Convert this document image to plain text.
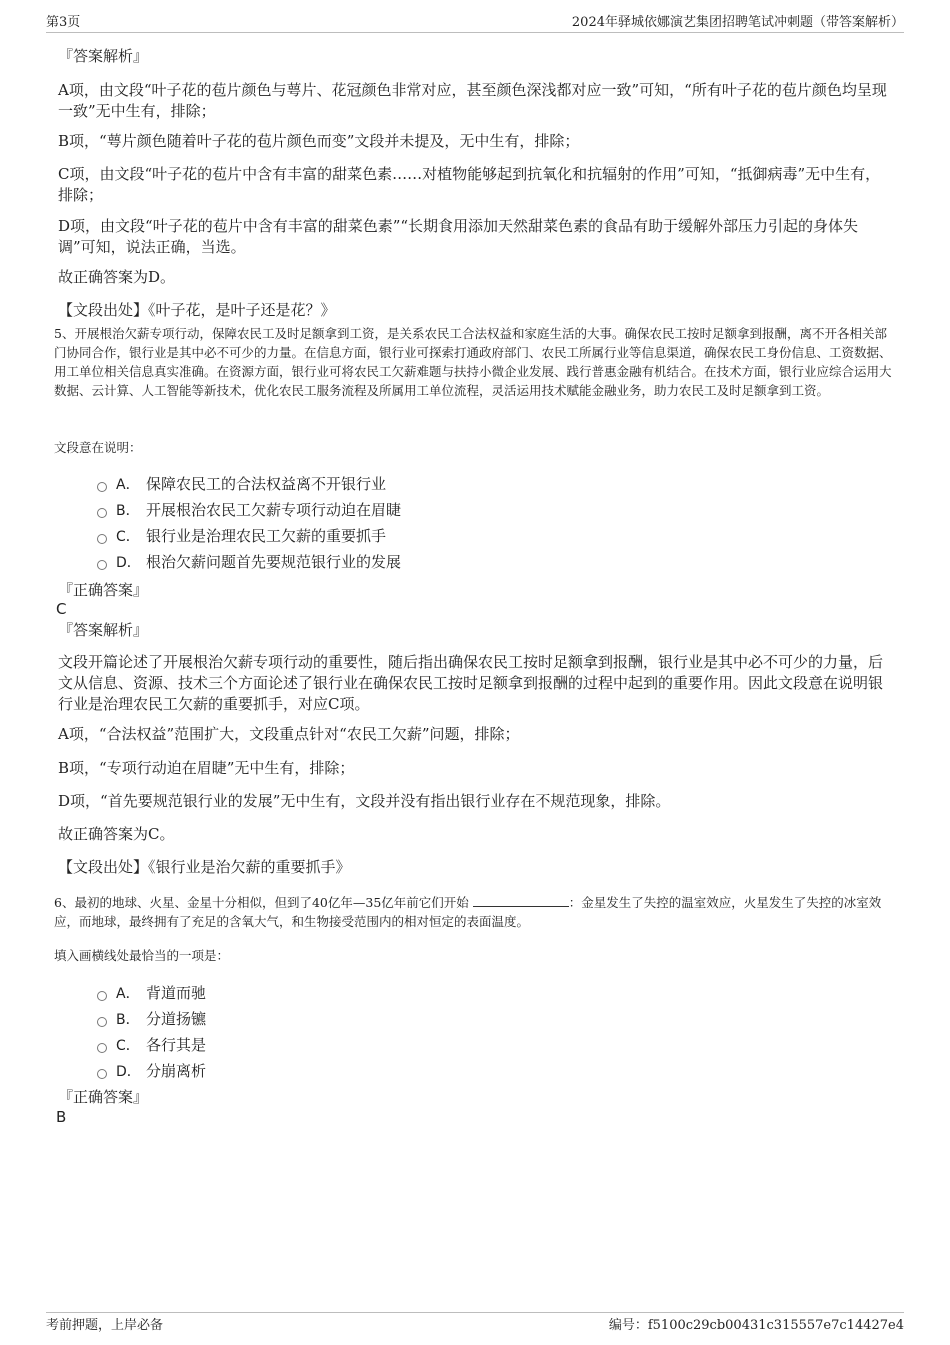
第3页	2024年驿城依娜演艺集团招聘笔试冲刺题（带答案解析）

『答案解析』

A项，由文段“叶子花的苞片颜色与萼片、花冠颜色非常对应，甚至颜色深浅都对应一致”可知，“所有叶子花的苞片颜色均呈现一致”无中生有，排除；

B项，“萼片颜色随着叶子花的苞片颜色而变”文段并未提及，无中生有，排除；

C项，由文段“叶子花的苞片中含有丰富的甜菜色素……对植物能够起到抗氧化和抗辐射的作用”可知，“抵御病毒”无中生有，排除；

D项，由文段“叶子花的苞片中含有丰富的甜菜色素”“长期食用添加天然甜菜色素的食品有助于缓解外部压力引起的身体失调”可知，说法正确，当选。

故正确答案为D。

【文段出处】《叶子花，是叶子还是花？》

5、开展根治欠薪专项行动，保障农民工及时足额拿到工资，是关系农民工合法权益和家庭生活的大事。确保农民工按时足额拿到报酬，离不开各相关部门协同合作，银行业是其中必不可少的力量。在信息方面，银行业可探索打通政府部门、农民工所属行业等信息渠道，确保农民工身份信息、工资数据、用工单位相关信息真实准确。在资源方面，银行业可将农民工欠薪难题与扶持小微企业发展、践行普惠金融有机结合。在技术方面，银行业应综合运用大数据、云计算、人工智能等新技术，优化农民工服务流程及所属用工单位流程，灵活运用技术赋能金融业务，助力农民工及时足额拿到工资。

文段意在说明：

A． 保障农民工的合法权益离不开银行业
B． 开展根治农民工欠薪专项行动迫在眉睫
C． 银行业是治理农民工欠薪的重要抓手
D． 根治欠薪问题首先要规范银行业的发展

『正确答案』

C

『答案解析』

文段开篇论述了开展根治欠薪专项行动的重要性，随后指出确保农民工按时足额拿到报酬，银行业是其中必不可少的力量，后文从信息、资源、技术三个方面论述了银行业在确保农民工按时足额拿到报酬的过程中起到的重要作用。因此文段意在说明银行业是治理农民工欠薪的重要抓手，对应C项。

A项，“合法权益”范围扩大，文段重点针对“农民工欠薪”问题，排除；

B项，“专项行动迫在眉睫”无中生有，排除；

D项，“首先要规范银行业的发展”无中生有，文段并没有指出银行业存在不规范现象，排除。

故正确答案为C。

【文段出处】《银行业是治欠薪的重要抓手》

6、最初的地球、火星、金星十分相似，但到了40亿年—35亿年前它们开始	：金星发生了失控的温室效应，火星发生了失控的冰室效应，而地球，最终拥有了充足的含氧大气，和生物接受范围内的相对恒定的表面温度。

填入画横线处最恰当的一项是：

A． 背道而驰
B． 分道扬镳
C． 各行其是
D． 分崩离析

『正确答案』

B

考前押题，上岸必备	编号：f5100c29cb00431c315557e7c14427e4
